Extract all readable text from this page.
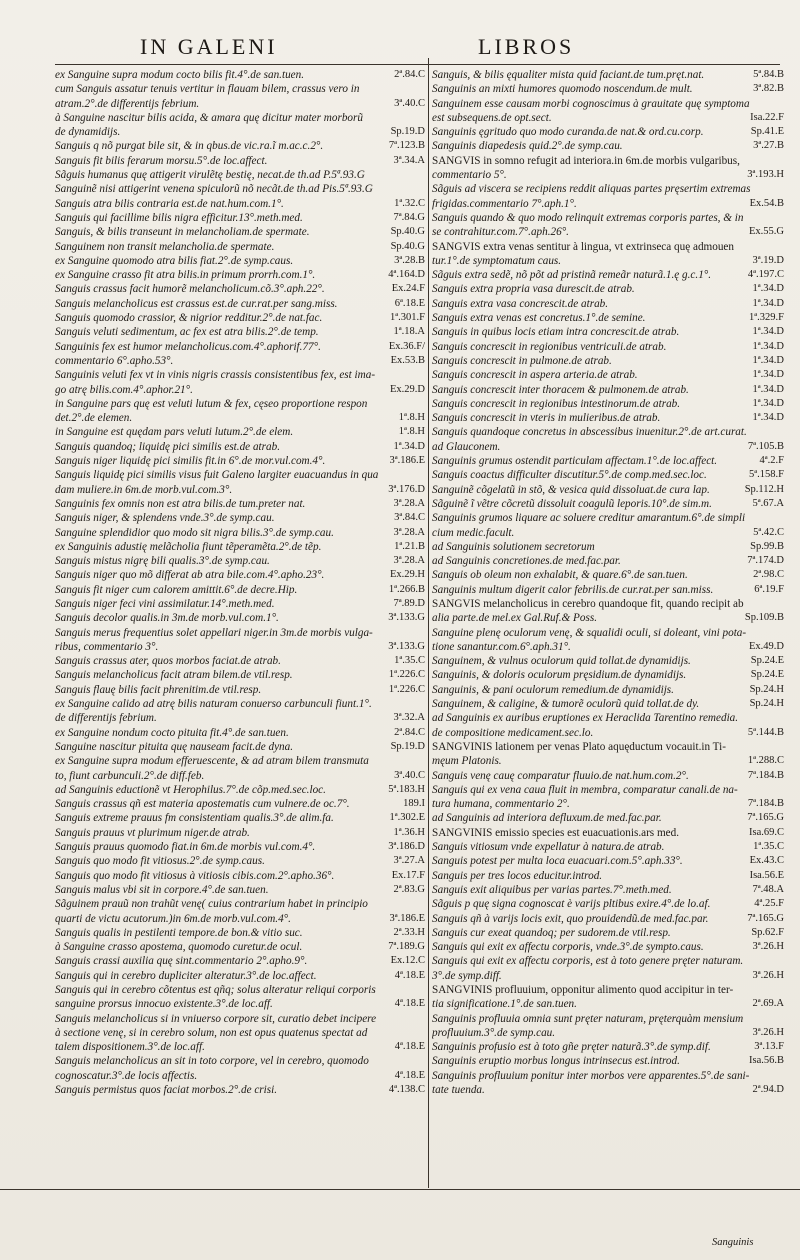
IN GALENI	LIBROS
2ª.84.C
ex Sanguine supra modum cocto bilis fit.4°.de san.tuen.
cum Sanguis assatur tenuis vertitur in flauam bilem, crassus vero in
3ª.40.C
atram.2°.de differentijs febrium.
à Sanguine nascitur bilis acida, & amara quę dicitur mater morborũ
Sp.19.D
de dynamidijs.
7ª.123.B
Sanguis q nõ purgat bile sit, & in qbus.de vic.ra.ĩ m.ac.c.2°.
3ª.34.A
Sanguis fit bilis ferarum morsu.5°.de loc.affect.
Sãguis humanus quę attigerit virulẽtę bestię, necat.de th.ad P.5ª.93.G
Sanguinẽ nisi attigerint venena spiculorũ nõ necãt.de th.ad Pis.5ª.93.G
1ª.32.C
Sanguis atra bilis contraria est.de nat.hum.com.1°.
7ª.84.G
Sanguis qui facillime bilis nigra efficitur.13°.meth.med.
Sp.40.G
Sanguis, & bilis transeunt in melancholiam.de spermate.
Sp.40.G
Sanguinem non transit melancholia.de spermate.
3ª.28.B
ex Sanguine quomodo atra bilis fiat.2°.de symp.caus.
4ª.164.D
ex Sanguine crasso fit atra bilis.in primum prorrh.com.1°.
Ex.24.F
Sanguis crassus facit humorẽ melancholicum.cõ.3°.aph.22°.
6ª.18.E
Sanguis melancholicus est crassus est.de cur.rat.per sang.miss.
1ª.301.F
Sanguis quomodo crassior, & nigrior redditur.2°.de nat.fac.
1ª.18.A
Sanguis veluti sedimentum, ac fex est atra bilis.2°.de temp.
Ex.36.F/
Sanguinis fex est humor melancholicus.com.4°.aphorif.77°.
Ex.53.B
commentario 6°.apho.53°.
Sanguinis veluti fex vt in vinis nigris crassis consistentibus fex, est ima-
Ex.29.D
go atrę bilis.com.4°.aphor.21°.
in Sanguine pars quę est veluti lutum & fex, cęseo proportione respon
1ª.8.H
det.2°.de elemen.
1ª.8.H
in Sanguine est quędam pars veluti lutum.2°.de elem.
1ª.34.D
Sanguis quandoq; liquidę pici similis est.de atrab.
3ª.186.E
Sanguis niger liquidę pici similis fit.in 6°.de mor.vul.com.4°.
Sanguis liquidę pici similis visus fuit Galeno largiter euacuandus in qua
3ª.176.D
dam muliere.in 6m.de morb.vul.com.3°.
3ª.28.A
Sanguinis fex omnis non est atra bilis.de tum.preter nat.
3ª.84.C
Sanguis niger, & splendens vnde.3°.de symp.cau.
3ª.28.A
Sanguine splendidior quo modo sit nigra bilis.3°.de symp.cau.
1ª.21.B
ex Sanguinis adustię melãcholia fiunt tẽperamẽta.2°.de tẽp.
3ª.28.A
Sanguis mistus nigrę bili qualis.3°.de symp.cau.
Ex.29.H
Sanguis niger quo mõ differat ab atra bile.com.4°.apho.23°.
1ª.266.B
Sanguis fit niger cum calorem amittit.6°.de decre.Hip.
7ª.89.D
Sanguis niger feci vini assimilatur.14°.meth.med.
3ª.133.G
Sanguis decolor qualis.in 3m.de morb.vul.com.1°.
Sanguis merus frequentius solet appellari niger.in 3m.de morbis vulga-
3ª.133.G
ribus, commentario 3°.
1ª.35.C
Sanguis crassus ater, quos morbos faciat.de atrab.
1ª.226.C
Sanguis melancholicus facit atram bilem.de vtil.resp.
1ª.226.C
Sanguis flauę bilis facit phrenitim.de vtil.resp.
ex Sanguine calido ad atrę bilis naturam conuerso carbunculi fiunt.1°.
3ª.32.A
de differentijs febrium.
2ª.84.C
ex Sanguine nondum cocto pituita fit.4°.de san.tuen.
Sp.19.D
Sanguine nascitur pituita quę nauseam facit.de dyna.
ex Sanguine supra modum efferuescente, & ad atram bilem transmuta
3ª.40.C
to, fiunt carbunculi.2°.de diff.feb.
5ª.183.H
ad Sanguinis eductionẽ vt Herophilus.7°.de cõp.med.sec.loc.
189.I
Sanguis crassus qñ est materia apostematis cum vulnere.de oc.7°.
1ª.302.E
Sanguis extreme prauus fm consistentiam qualis.3°.de alim.fa.
1ª.36.H
Sanguis prauus vt plurimum niger.de atrab.
3ª.186.D
Sanguis prauus quomodo fiat.in 6m.de morbis vul.com.4°.
3ª.27.A
Sanguis quo modo fit vitiosus.2°.de symp.caus.
Ex.17.F
Sanguis quo modo fit vitiosus à vitiosis cibis.com.2°.apho.36°.
2ª.83.G
Sanguis malus vbi sit in corpore.4°.de san.tuen.
Sãguinem prauũ non trahũt venę( cuius contrarium habet in principio
3ª.186.E
quarti de victu acutorum.)in 6m.de morb.vul.com.4°.
2ª.33.H
Sanguis qualis in pestilenti tempore.de bon.& vitio suc.
7ª.189.G
à Sanguine crasso apostema, quomodo curetur.de ocul.
Ex.12.C
Sanguis crassi auxilia quę sint.commentario 2°.apho.9°.
4ª.18.E
Sanguis qui in cerebro dupliciter alteratur.3°.de loc.affect.
Sanguis qui in cerebro cõtentus est qñq; solus alteratur reliqui corporis
4ª.18.E
sanguine prorsus innocuo existente.3°.de loc.aff.
Sanguis melancholicus si in vniuerso corpore sit, curatio debet incipere
à sectione venę, si in cerebro solum, non est opus quatenus spectat ad
4ª.18.E
talem dispositionem.3°.de loc.aff.
Sanguis melancholicus an sit in toto corpore, vel in cerebro, quomodo
4ª.18.E
cognoscatur.3°.de locis affectis.
4ª.138.C
Sanguis permistus quos faciat morbos.2°.de crisi.
5ª.84.B
Sanguis, & bilis ęqualiter mista quid faciant.de tum.pręt.nat.
3ª.82.B
Sanguinis an mixti humores quomodo noscendum.de mult.
Sanguinem esse causam morbi cognoscimus à grauitate quę symptoma
Isa.22.F
est subsequens.de opt.sect.
Sp.41.E
Sanguinis ęgritudo quo modo curanda.de nat.& ord.cu.corp.
3ª.27.B
Sanguinis diapedesis quid.2°.de symp.cau.
SANGVIS in somno refugit ad interiora.in 6m.de morbis vulgaribus,
3ª.193.H
commentario 5°.
Sãguis ad viscera se recipiens reddit aliquas partes pręsertim extremas
Ex.54.B
frigidas.commentario 7°.aph.1°.
Sanguis quando & quo modo relinquit extremas corporis partes, & in
Ex.55.G
se contrahitur.com.7°.aph.26°.
SANGVIS extra venas sentitur à lingua, vt extrinseca quę admouen
3ª.19.D
tur.1°.de symptomatum caus.
4ª.197.C
Sãguis extra sedẽ, nõ põt ad pristinã remeãr naturã.1.ę g.c.1°.
1ª.34.D
Sanguis extra propria vasa durescit.de atrab.
1ª.34.D
Sanguis extra vasa concrescit.de atrab.
1ª.329.F
Sanguis extra venas est concretus.1°.de semine.
1ª.34.D
Sanguis in quibus locis etiam intra concrescit.de atrab.
1ª.34.D
Sanguis concrescit in regionibus ventriculi.de atrab.
1ª.34.D
Sanguis concrescit in pulmone.de atrab.
1ª.34.D
Sanguis concrescit in aspera arteria.de atrab.
1ª.34.D
Sanguis concrescit inter thoracem & pulmonem.de atrab.
1ª.34.D
Sanguis concrescit in regionibus intestinorum.de atrab.
1ª.34.D
Sanguis concrescit in vteris in mulieribus.de atrab.
Sanguis quandoque concretus in abscessibus inuenitur.2°.de art.curat.
7ª.105.B
ad Glauconem.
4ª.2.F
Sanguinis grumus ostendit particulam affectam.1°.de loc.affect.
5ª.158.F
Sanguis coactus difficulter discutitur.5°.de comp.med.sec.loc.
Sp.112.H
Sanguinẽ cõgelatũ in stõ, & vesica quid dissoluat.de cura lap.
5ª.67.A
Sãguinẽ ĩ vẽtre cõcretũ dissoluit coagulũ leporis.10°.de sim.m.
Sanguinis grumos liquare ac soluere creditur amarantum.6°.de simpli
5ª.42.C
cium medic.facult.
Sp.99.B
ad Sanguinis solutionem secretorum
7ª.174.D
ad Sanguinis concretiones.de med.fac.par.
2ª.98.C
Sanguis ob oleum non exhalabit, & quare.6°.de san.tuen.
6ª.19.F
Sanguinis multum digerit calor febrilis.de cur.rat.per san.miss.
SANGVIS melancholicus in cerebro quandoque fit, quando recipit ab
Sp.109.B
alia parte.de mel.ex Gal.Ruf.& Poss.
Sanguine plenę oculorum venę, & squalidi oculi, si doleant, vini pota-
Ex.49.D
tione sanantur.com.6°.aph.31°.
Sp.24.E
Sanguinem, & vulnus oculorum quid tollat.de dynamidijs.
Sp.24.E
Sanguinis, & doloris oculorum pręsidium.de dynamidijs.
Sp.24.H
Sanguinis, & pani oculorum remedium.de dynamidijs.
Sp.24.H
Sanguinem, & caligine, & tumorẽ oculorũ quid tollat.de dy.
ad Sanguinis ex auribus eruptiones ex Heraclida Tarentino remedia.
5ª.144.B
de compositione medicament.sec.lo.
SANGVINIS lationem per venas Plato aquęductum vocauit.in Ti-
1ª.288.C
męum Platonis.
7ª.184.B
Sanguis venę cauę comparatur fluuio.de nat.hum.com.2°.
Sanguis qui ex vena caua fluit in membra, comparatur canali.de na-
7ª.184.B
tura humana, commentario 2°.
7ª.165.G
ad Sanguinis ad interiora defluxum.de med.fac.par.
Isa.69.C
SANGVINIS emissio species est euacuationis.ars med.
1ª.35.C
Sanguis vitiosum vnde expellatur à natura.de atrab.
Ex.43.C
Sanguis potest per multa loca euacuari.com.5°.aph.33°.
Isa.56.E
Sanguis per tres locos educitur.introd.
7ª.48.A
Sanguis exit aliquibus per varias partes.7°.meth.med.
4ª.25.F
Sãguis p quę signa cognoscat è varijs pltibus exire.4°.de lo.af.
7ª.165.G
Sanguis qñ à varijs locis exit, quo prouidendũ.de med.fac.par.
Sp.62.F
Sanguis cur exeat quandoq; per sudorem.de vtil.resp.
3ª.26.H
Sanguis qui exit ex affectu corporis, vnde.3°.de sympto.caus.
Sanguis qui exit ex affectu corporis, est à toto genere pręter naturam.
3ª.26.H
3°.de symp.diff.
SANGVINIS profluuium, opponitur alimento quod accipitur in ter-
2ª.69.A
tia significatione.1°.de san.tuen.
Sanguinis profluuia omnia sunt pręter naturam, pręterquàm mensium
3ª.26.H
profluuium.3°.de symp.cau.
3ª.13.F
Sanguinis profusio est à toto gñe pręter naturã.3°.de symp.dif.
Isa.56.B
Sanguinis eruptio morbus longus intrinsecus est.introd.
Sanguinis profluuium ponitur inter morbos vere apparentes.5°.de sani-
2ª.94.D
tate tuenda.
Sanguinis
